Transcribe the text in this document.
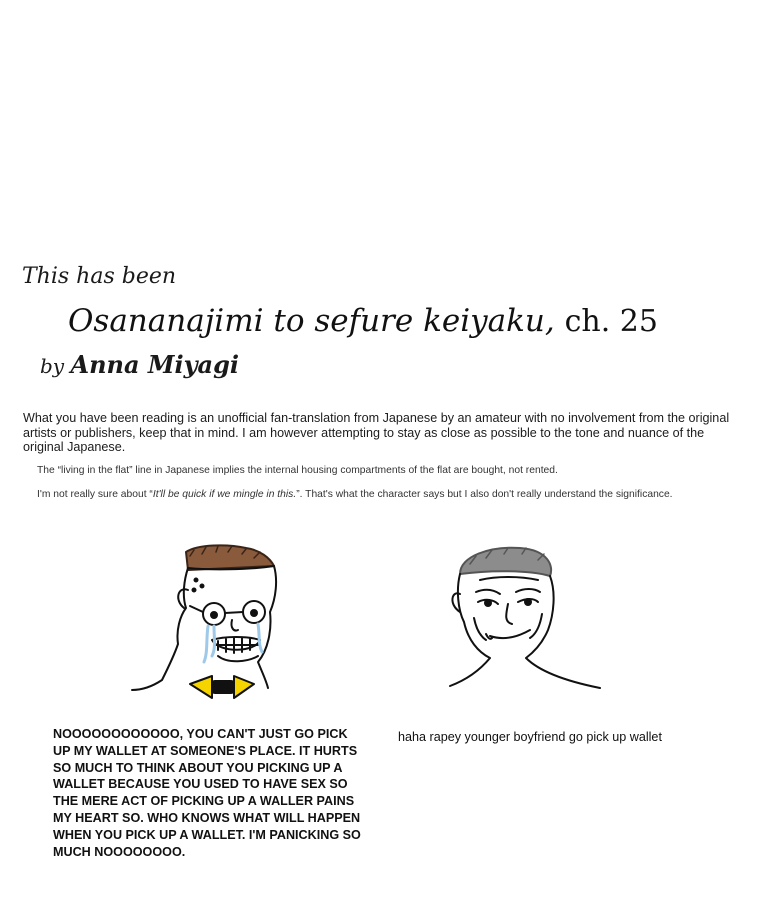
This has been
Osananajimi to sefure keiyaku, ch. 25
by Anna Miyagi
What you have been reading is an unofficial fan-translation from Japanese by an amateur with no involvement from the original artists or publishers, keep that in mind. I am however attempting to stay as close as possible to the tone and nuance of the original Japanese.
The “living in the flat” line in Japanese implies the internal housing compartments of the flat are bought, not rented.
I'm not really sure about “It'll be quick if we mingle in this.”. That's what the character says but I also don't really understand the significance.
NOOOOOOOOOOOO, YOU CAN'T JUST GO PICK UP MY WALLET AT SOMEONE'S PLACE. IT HURTS SO MUCH TO THINK ABOUT YOU PICKING UP A WALLET BECAUSE YOU USED TO HAVE SEX SO THE MERE ACT OF PICKING UP A WALLER PAINS MY HEART SO. WHO KNOWS WHAT WILL HAPPEN WHEN YOU PICK UP A WALLET. I'M PANICKING SO MUCH NOOOOOOOO.
haha rapey younger boyfriend go pick up wallet
